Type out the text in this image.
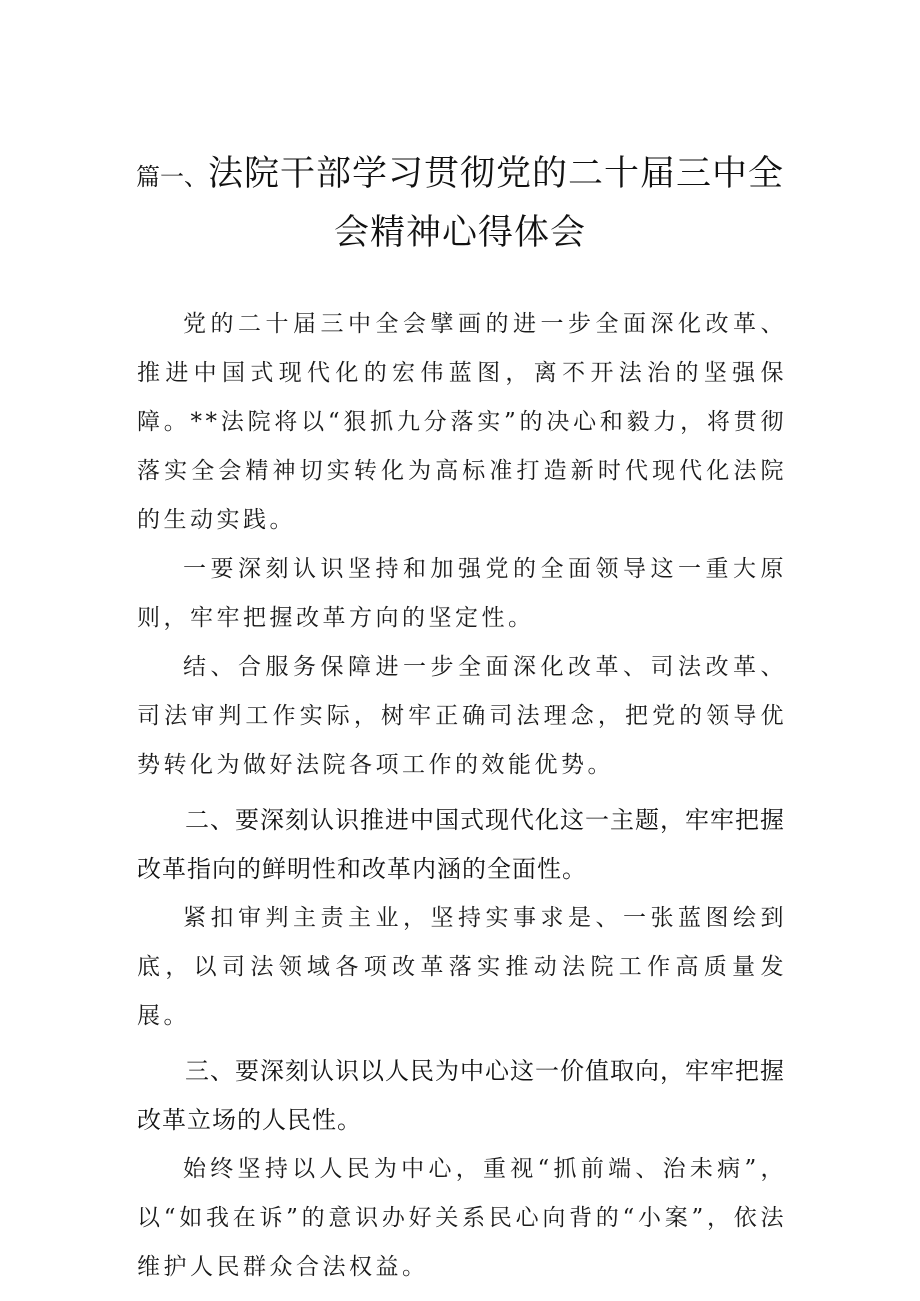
篇一、法院干部学习贯彻党的二十届三中全会精神心得体会

党的二十届三中全会擘画的进一步全面深化改革、推进中国式现代化的宏伟蓝图，离不开法治的坚强保障。**法院将以“狠抓九分落实”的决心和毅力，将贯彻落实全会精神切实转化为高标准打造新时代现代化法院的生动实践。

一要深刻认识坚持和加强党的全面领导这一重大原则，牢牢把握改革方向的坚定性。

结、合服务保障进一步全面深化改革、司法改革、司法审判工作实际，树牢正确司法理念，把党的领导优势转化为做好法院各项工作的效能优势。

二、要深刻认识推进中国式现代化这一主题，牢牢把握改革指向的鲜明性和改革内涵的全面性。

紧扣审判主责主业，坚持实事求是、一张蓝图绘到底，以司法领域各项改革落实推动法院工作高质量发展。

三、要深刻认识以人民为中心这一价值取向，牢牢把握改革立场的人民性。

始终坚持以人民为中心，重视“抓前端、治未病”，以“如我在诉”的意识办好关系民心向背的“小案”，依法维护人民群众合法权益。
